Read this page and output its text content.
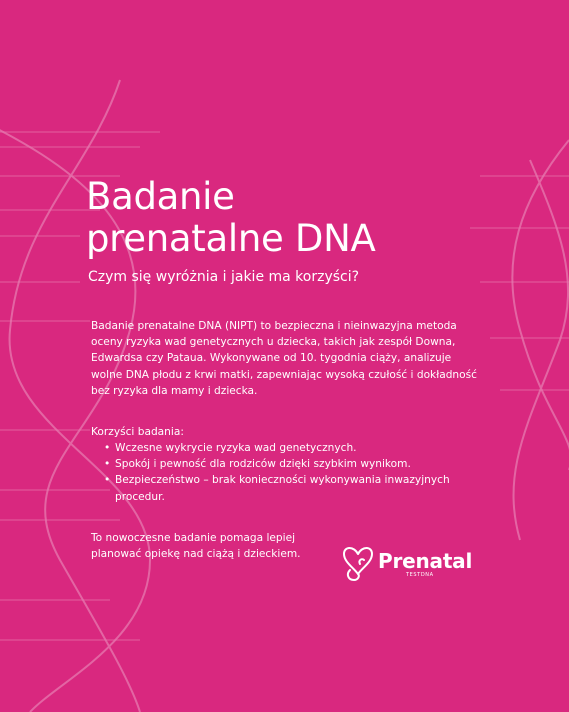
Badanie
prenatalne DNA

Czym się wyróżnia i jakie ma korzyści?

Badanie prenatalne DNA (NIPT) to bezpieczna i nieinwazyjna metoda oceny ryzyka wad genetycznych u dziecka, takich jak zespół Downa, Edwardsa czy Pataua. Wykonywane od 10. tygodnia ciąży, analizuje wolne DNA płodu z krwi matki, zapewniając wysoką czułość i dokładność bez ryzyka dla mamy i dziecka.

Korzyści badania:

• Wczesne wykrycie ryzyka wad genetycznych.
• Spokój i pewność dla rodziców dzięki szybkim wynikom.
• Bezpieczeństwo – brak konieczności wykonywania inwazyjnych procedur.

To nowoczesne badanie pomaga lepiej planować opiekę nad ciążą i dzieckiem.	Prenatal
TESTDNA
